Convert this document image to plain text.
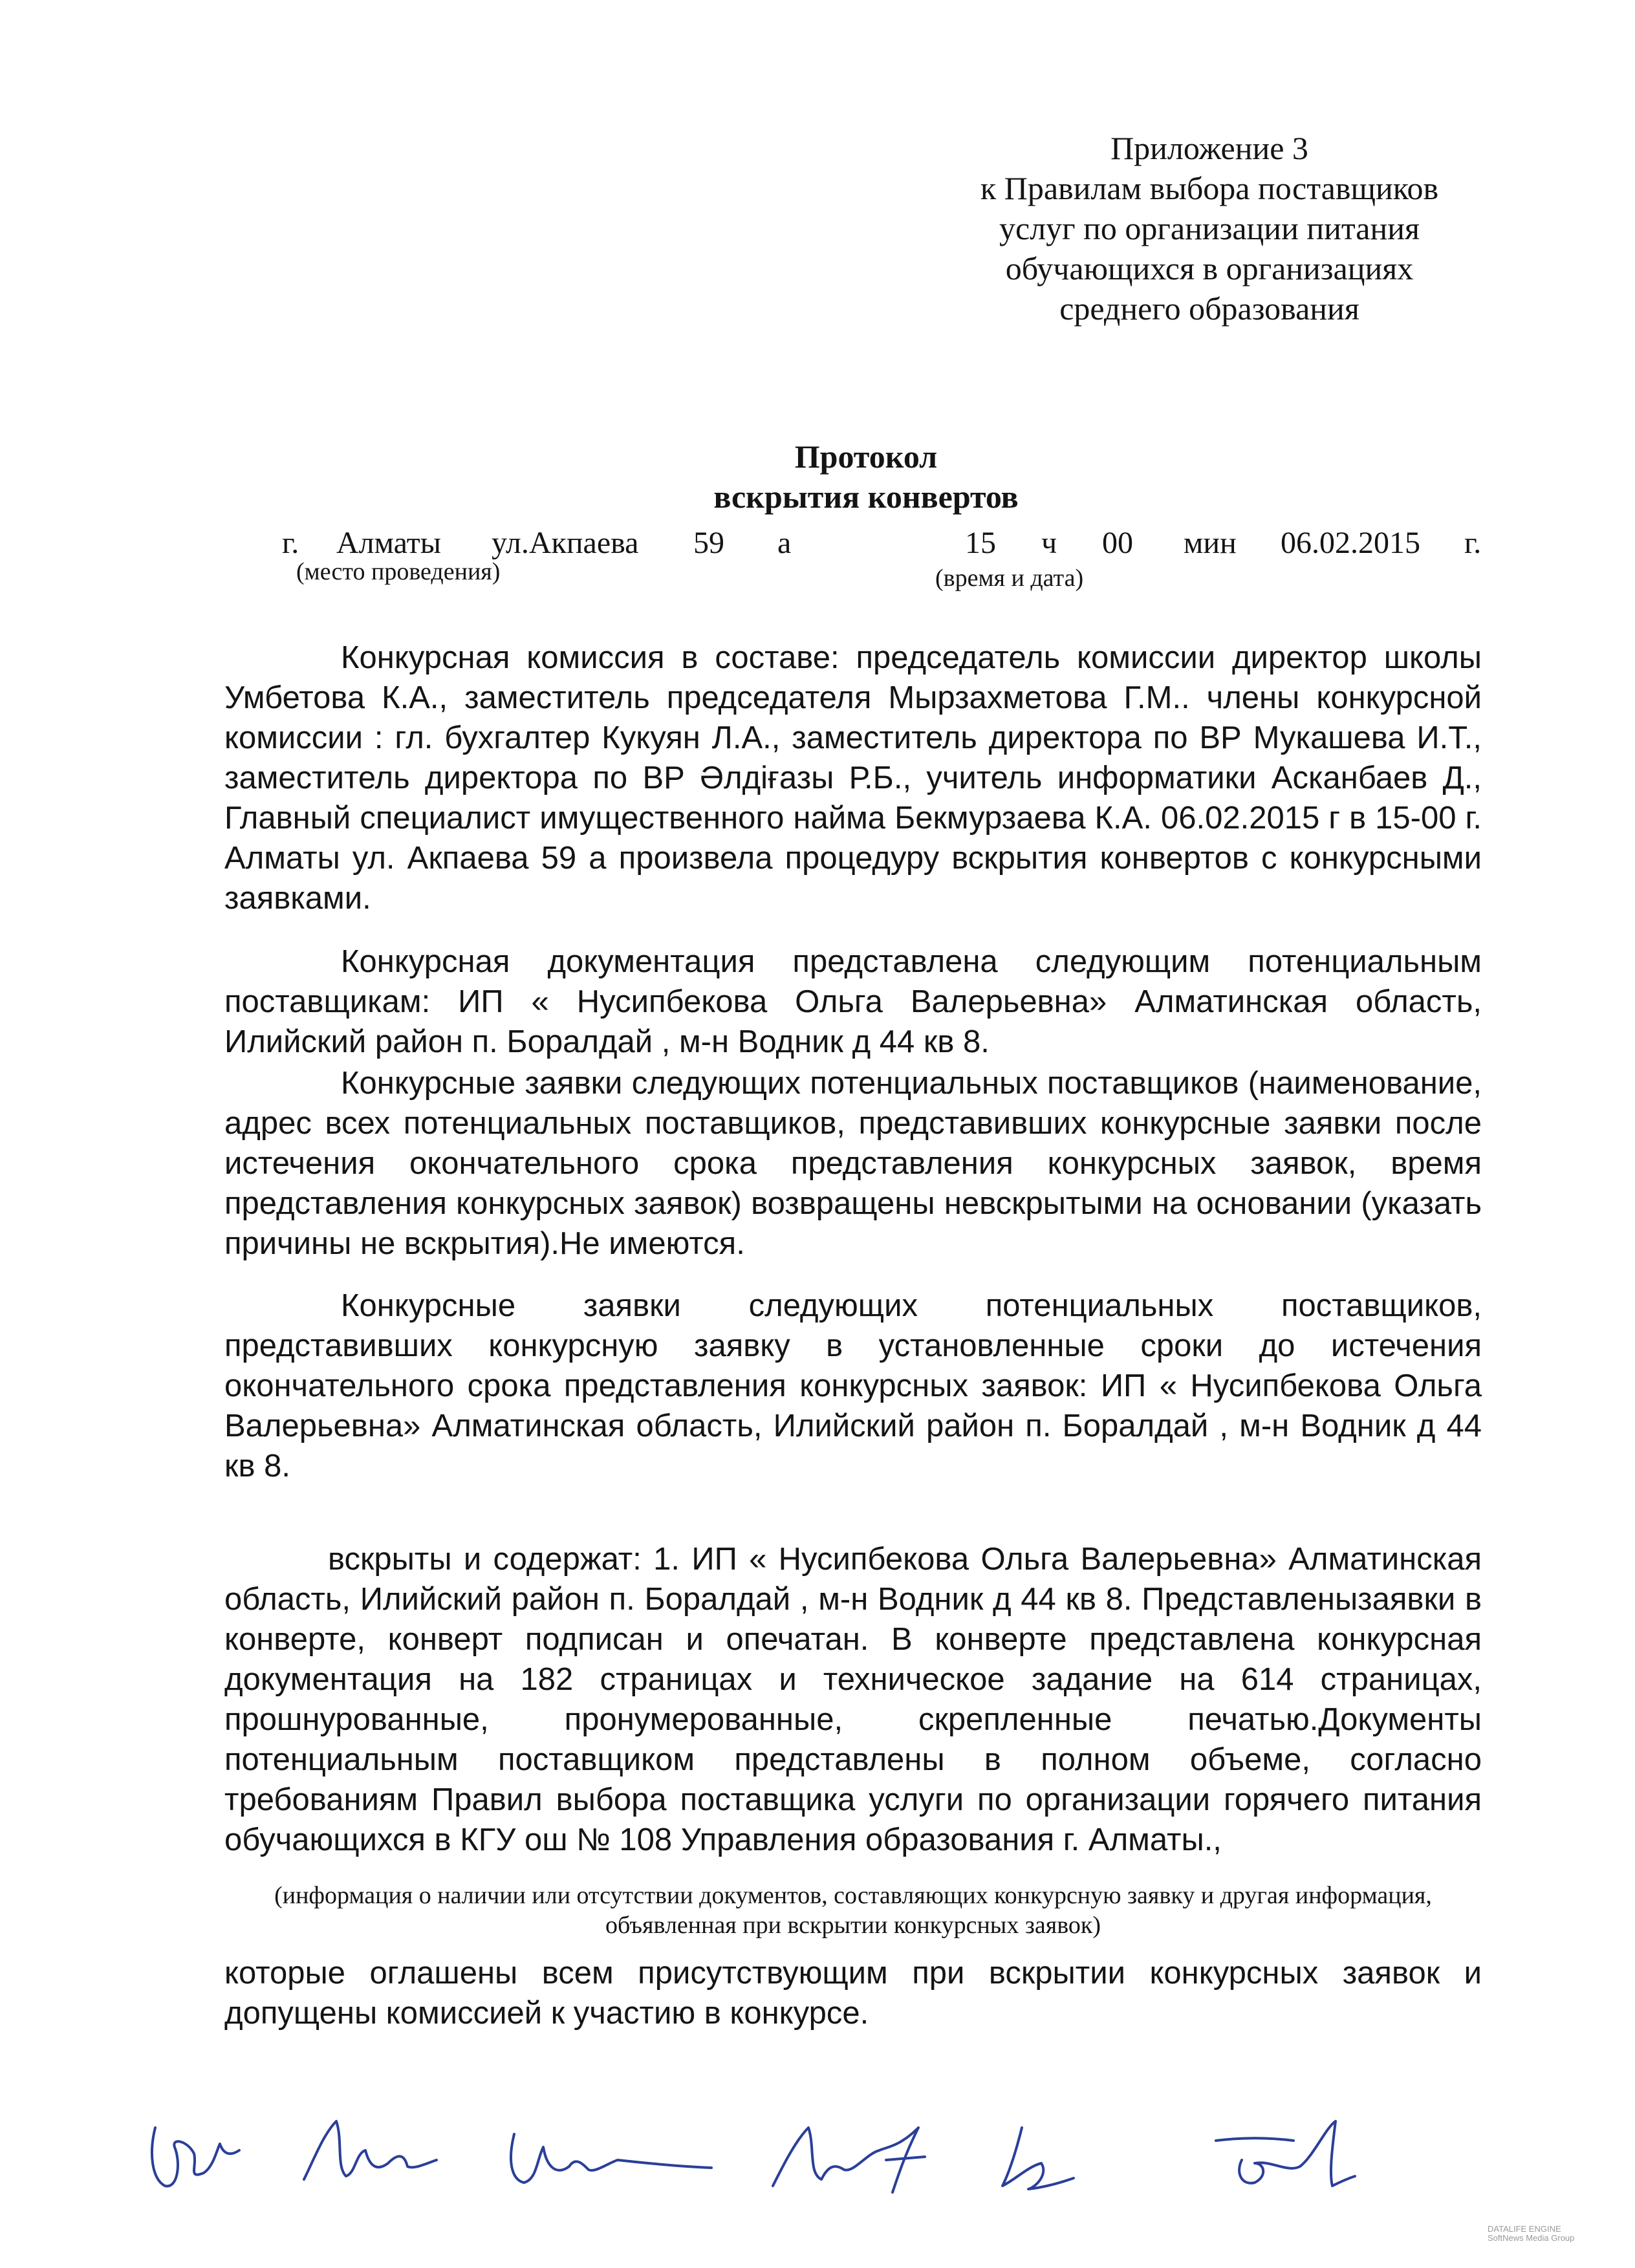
Приложение 3
к Правилам выбора поставщиков
услуг по организации питания
обучающихся в организациях
среднего образования
Протокол
вскрытия конвертов
г. Алматы ул.Акпаева 59 а	15 ч 00 мин 06.02.2015 г.
(место проведения)	(время и дата)
Конкурсная комиссия в составе: председатель комиссии директор школы Умбетова К.А., заместитель председателя Мырзахметова Г.М.. члены конкурсной комиссии : гл. бухгалтер Кукуян Л.А., заместитель директора по ВР Мукашева И.Т., заместитель директора по ВР Әлдіғазы Р.Б., учитель информатики Асканбаев Д., Главный специалист имущественного найма Бекмурзаева К.А. 06.02.2015 г в 15-00 г. Алматы ул. Акпаева 59 а произвела процедуру вскрытия конвертов с конкурсными заявками.
Конкурсная документация представлена следующим потенциальным поставщикам: ИП « Нусипбекова Ольга Валерьевна» Алматинская область, Илийский район п. Боралдай , м-н Водник д 44 кв 8.
Конкурсные заявки следующих потенциальных поставщиков (наименование, адрес всех потенциальных поставщиков, представивших конкурсные заявки после истечения окончательного срока представления конкурсных заявок, время представления конкурсных заявок) возвращены невскрытыми на основании (указать причины не вскрытия).Не имеются.
Конкурсные заявки следующих потенциальных поставщиков, представивших конкурсную заявку в установленные сроки до истечения окончательного срока представления конкурсных заявок: ИП « Нусипбекова Ольга Валерьевна» Алматинская область, Илийский район п. Боралдай , м-н Водник д 44 кв 8.
вскрыты и содержат: 1. ИП « Нусипбекова Ольга Валерьевна» Алматинская область, Илийский район п. Боралдай , м-н Водник д 44 кв 8. Представленызаявки в конверте, конверт подписан и опечатан. В конверте представлена конкурсная документация на 182 страницах и техническое задание на 614 страницах, прошнурованные, пронумерованные, скрепленные печатью.Документы потенциальным поставщиком представлены в полном объеме, согласно требованиям Правил выбора поставщика услуги по организации горячего питания обучающихся в КГУ ош № 108 Управления образования г. Алматы.,
(информация о наличии или отсутствии документов, составляющих конкурсную заявку и другая информация, объявленная при вскрытии конкурсных заявок)
которые оглашены всем присутствующим при вскрытии конкурсных заявок и допущены комиссией к участию в конкурсе.
DATALIFE ENGINE
SoftNews Media Group
